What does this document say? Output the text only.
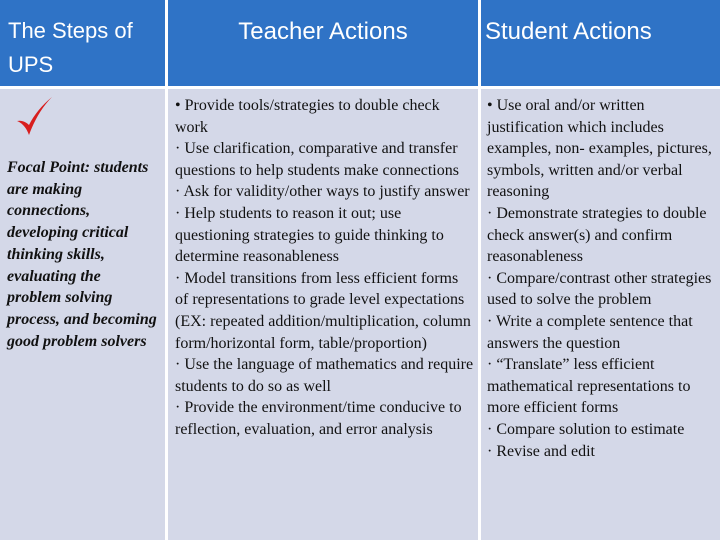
The Steps of UPS
Teacher Actions	Student Actions
Focal Point: students are making connections, developing critical thinking skills, evaluating the problem solving process, and becoming good problem solvers
• Provide tools/strategies to double check work
· Use clarification, comparative and transfer questions to help students make connections
· Ask for validity/other ways to justify answer
· Help students to reason it out; use questioning strategies to guide thinking to determine reasonableness
· Model transitions from less efficient forms of representations to grade level expectations (EX: repeated addition/multiplication, column form/horizontal form, table/proportion)
· Use the language of mathematics and require students to do so as well
· Provide the environment/time conducive to reflection, evaluation, and error analysis
• Use oral and/or written justification which includes examples, non- examples, pictures, symbols, written and/or verbal reasoning
· Demonstrate strategies to double check answer(s) and confirm reasonableness
· Compare/contrast other strategies used to solve the problem
· Write a complete sentence that answers the question
· “Translate” less efficient mathematical representations to more efficient forms
· Compare solution to estimate
· Revise and edit
